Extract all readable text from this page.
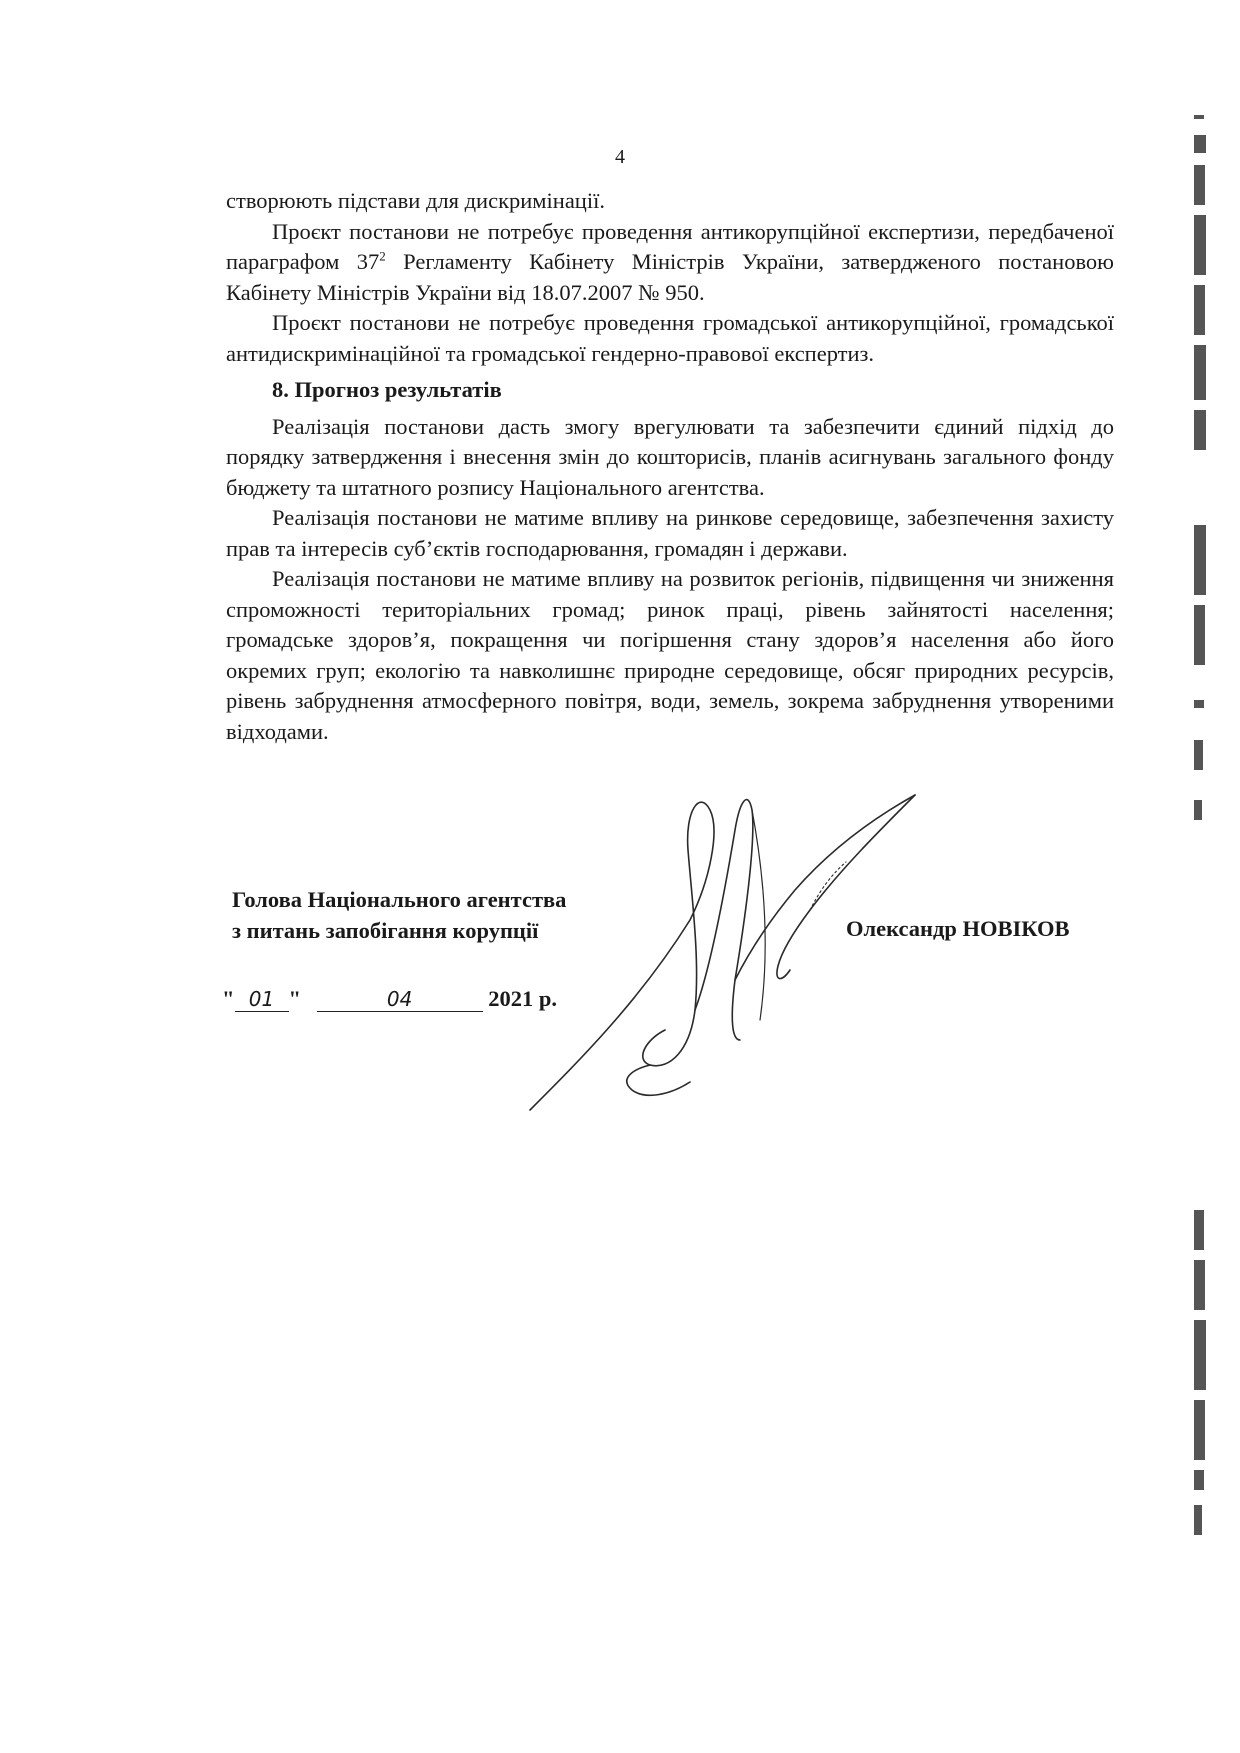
4

створюють підстави для дискримінації.

Проєкт постанови не потребує проведення антикорупційної експертизи, передбаченої параграфом $37^2$ Регламенту Кабінету Міністрів України, затвердженого постановою Кабінету Міністрів України від 18.07.2007 № 950.

Проєкт постанови не потребує проведення громадської антикорупційної, громадської антидискримінаційної та громадської гендерно-правової експертиз.

8. Прогноз результатів

Реалізація постанови дасть змогу врегулювати та забезпечити єдиний підхід до порядку затвердження і внесення змін до кошторисів, планів асигнувань загального фонду бюджету та штатного розпису Національного агентства.

Реалізація постанови не матиме впливу на ринкове середовище, забезпечення захисту прав та інтересів суб’єктів господарювання, громадян і держави.

Реалізація постанови не матиме впливу на розвиток регіонів, підвищення чи зниження спроможності територіальних громад; ринок праці, рівень зайнятості населення; громадське здоров’я, покращення чи погіршення стану здоров’я населення або його окремих груп; екологію та навколишнє природне середовище, обсяг природних ресурсів, рівень забруднення атмосферного повітря, води, земель, зокрема забруднення утвореними відходами.

Голова Національного агентства
з питань запобігання корупції	Олександр НОВІКОВ
" 01 "	04	2021 р.
